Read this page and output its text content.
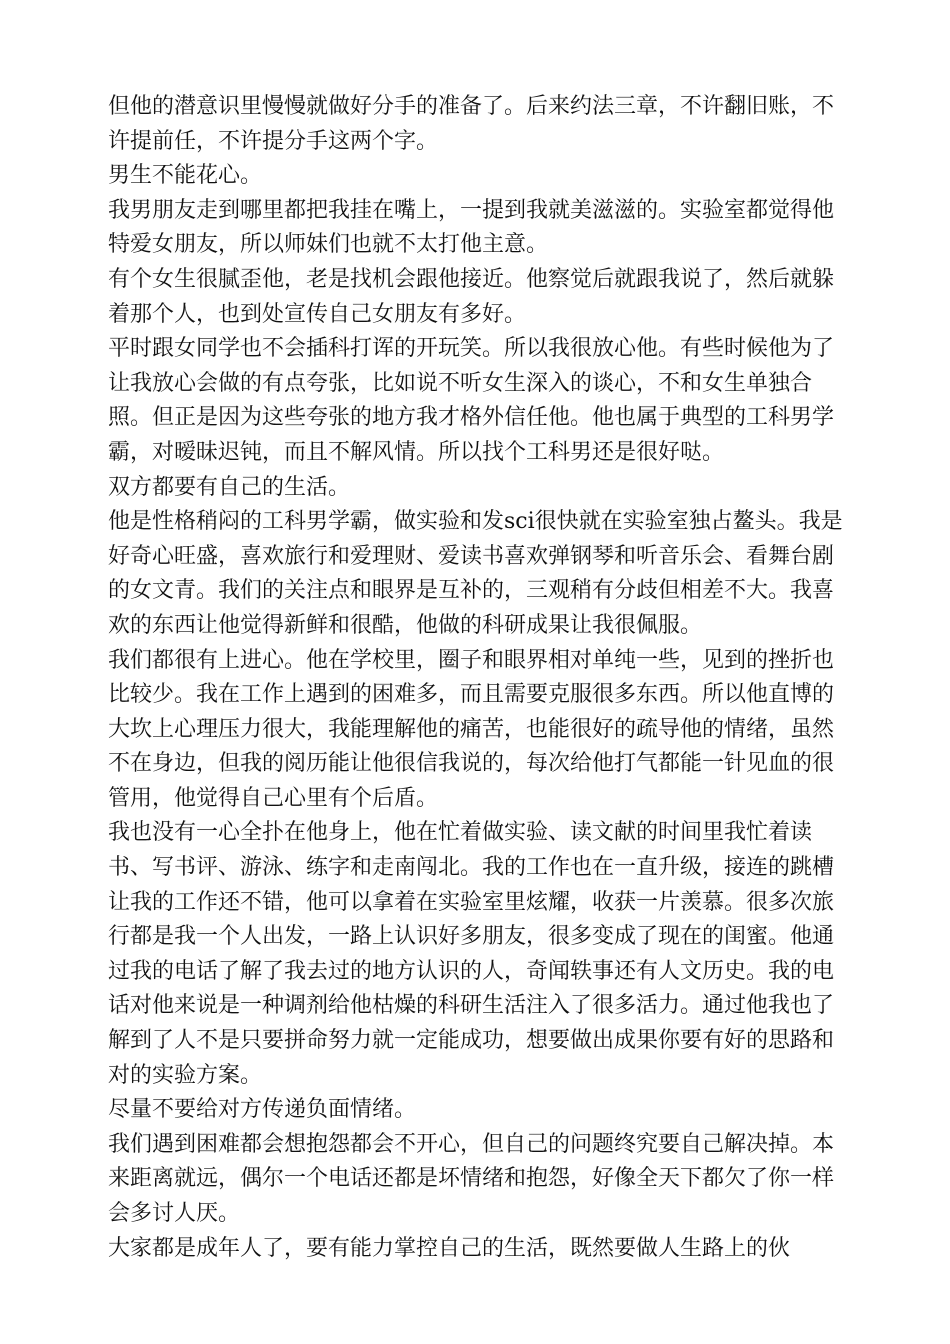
但他的潜意识里慢慢就做好分手的准备了。后来约法三章，不许翻旧账，不许提前任，不许提分手这两个字。

男生不能花心。

我男朋友走到哪里都把我挂在嘴上，一提到我就美滋滋的。实验室都觉得他特爱女朋友，所以师妹们也就不太打他主意。

有个女生很腻歪他，老是找机会跟他接近。他察觉后就跟我说了，然后就躲着那个人，也到处宣传自己女朋友有多好。

平时跟女同学也不会插科打诨的开玩笑。所以我很放心他。有些时候他为了让我放心会做的有点夸张，比如说不听女生深入的谈心，不和女生单独合照。但正是因为这些夸张的地方我才格外信任他。他也属于典型的工科男学霸，对暧昧迟钝，而且不解风情。所以找个工科男还是很好哒。

双方都要有自己的生活。

他是性格稍闷的工科男学霸，做实验和发sci很快就在实验室独占鳌头。我是好奇心旺盛，喜欢旅行和爱理财、爱读书喜欢弹钢琴和听音乐会、看舞台剧的女文青。我们的关注点和眼界是互补的，三观稍有分歧但相差不大。我喜欢的东西让他觉得新鲜和很酷，他做的科研成果让我很佩服。

我们都很有上进心。他在学校里，圈子和眼界相对单纯一些，见到的挫折也比较少。我在工作上遇到的困难多，而且需要克服很多东西。所以他直博的大坎上心理压力很大，我能理解他的痛苦，也能很好的疏导他的情绪，虽然不在身边，但我的阅历能让他很信我说的，每次给他打气都能一针见血的很管用，他觉得自己心里有个后盾。

我也没有一心全扑在他身上，他在忙着做实验、读文献的时间里我忙着读书、写书评、游泳、练字和走南闯北。我的工作也在一直升级，接连的跳槽让我的工作还不错，他可以拿着在实验室里炫耀，收获一片羡慕。很多次旅行都是我一个人出发，一路上认识好多朋友，很多变成了现在的闺蜜。他通过我的电话了解了我去过的地方认识的人，奇闻轶事还有人文历史。我的电话对他来说是一种调剂给他枯燥的科研生活注入了很多活力。通过他我也了解到了人不是只要拼命努力就一定能成功，想要做出成果你要有好的思路和对的实验方案。

尽量不要给对方传递负面情绪。

我们遇到困难都会想抱怨都会不开心，但自己的问题终究要自己解决掉。本来距离就远，偶尔一个电话还都是坏情绪和抱怨，好像全天下都欠了你一样会多讨人厌。

大家都是成年人了，要有能力掌控自己的生活，既然要做人生路上的伙
